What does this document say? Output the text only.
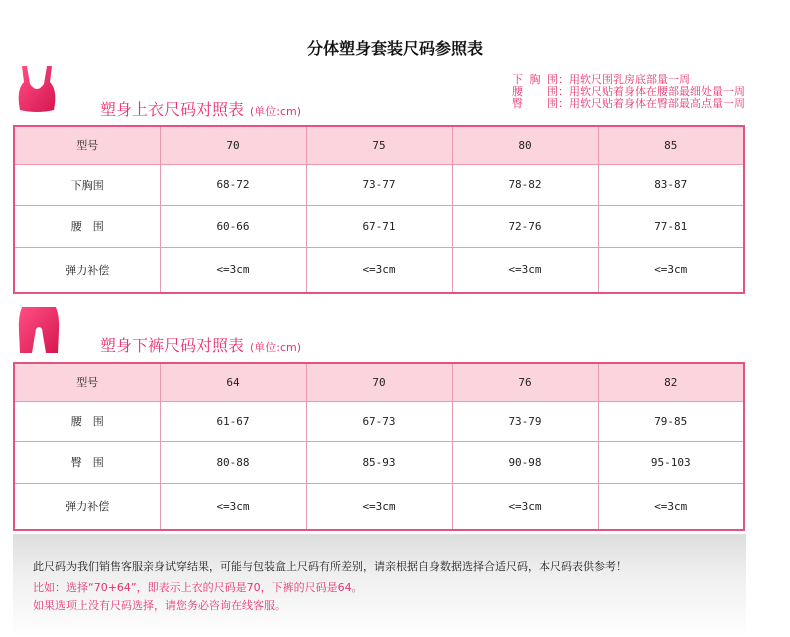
分体塑身套装尺码参照表
塑身上衣尺码对照表 (单位:cm)
下胸围：用软尺围乳房底部量一周
腰　围：用软尺贴着身体在腰部最细处量一周
臀　围：用软尺贴着身体在臀部最高点量一周
型号	70	75	80	85
下胸围	68-72	73-77	78-82	83-87
腰　围	60-66	67-71	72-76	77-81
弹力补偿	<=3cm	<=3cm	<=3cm	<=3cm
塑身下裤尺码对照表 (单位:cm)
型号	64	70	76	82
腰　围	61-67	67-73	73-79	79-85
臀　围	80-88	85-93	90-98	95-103
弹力补偿	<=3cm	<=3cm	<=3cm	<=3cm
此尺码为我们销售客服亲身试穿结果，可能与包装盒上尺码有所差别，请亲根据自身数据选择合适尺码，本尺码表供参考！
比如：选择“70+64”，即表示上衣的尺码是70，下裤的尺码是64。
如果选项上没有尺码选择，请您务必咨询在线客服。
